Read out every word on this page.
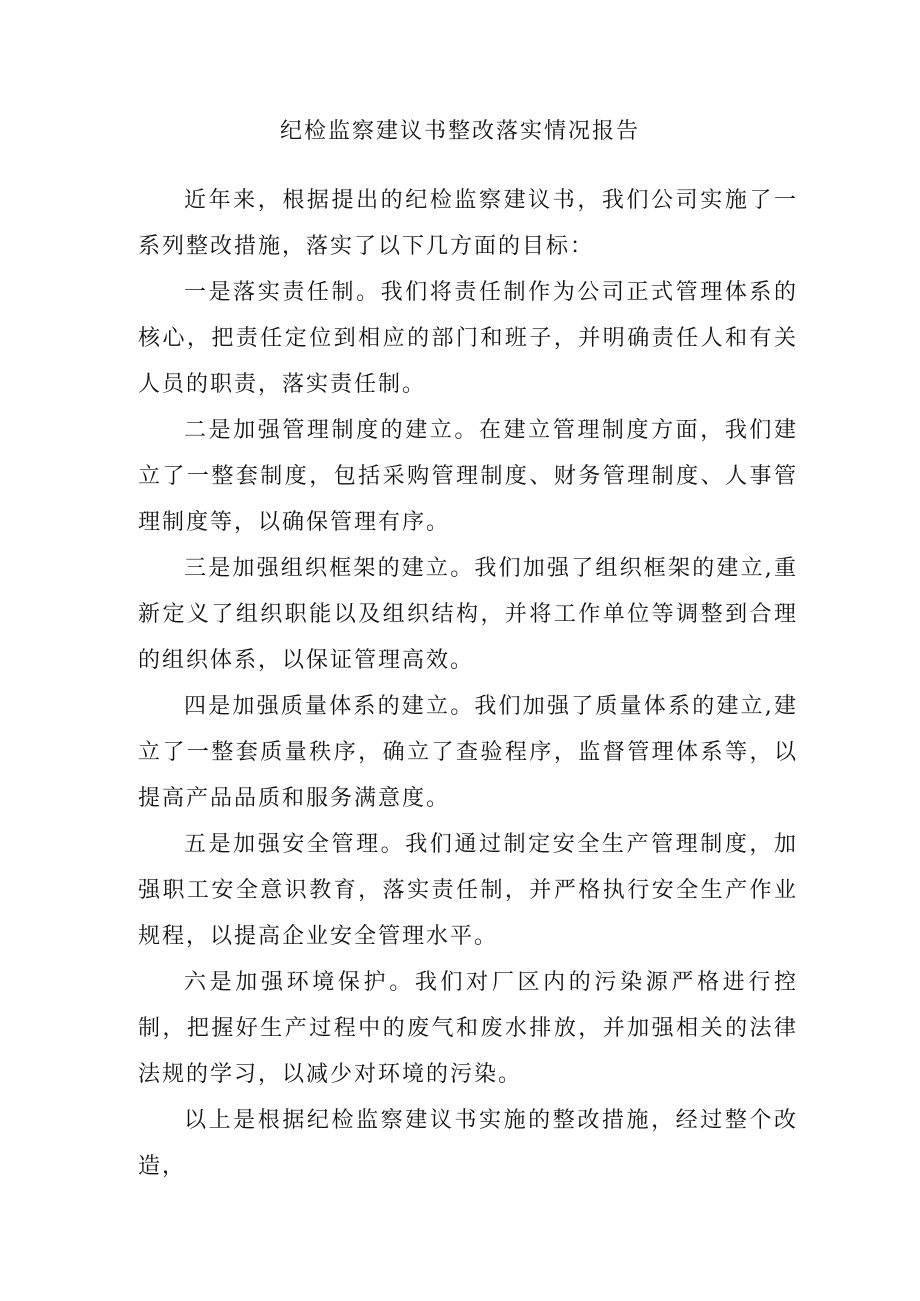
纪检监察建议书整改落实情况报告

近年来，根据提出的纪检监察建议书，我们公司实施了一系列整改措施，落实了以下几方面的目标：

一是落实责任制。我们将责任制作为公司正式管理体系的核心，把责任定位到相应的部门和班子，并明确责任人和有关人员的职责，落实责任制。

二是加强管理制度的建立。在建立管理制度方面，我们建立了一整套制度，包括采购管理制度、财务管理制度、人事管理制度等，以确保管理有序。

三是加强组织框架的建立。我们加强了组织框架的建立,重新定义了组织职能以及组织结构，并将工作单位等调整到合理的组织体系，以保证管理高效。

四是加强质量体系的建立。我们加强了质量体系的建立,建立了一整套质量秩序，确立了查验程序，监督管理体系等，以提高产品品质和服务满意度。

五是加强安全管理。我们通过制定安全生产管理制度，加强职工安全意识教育，落实责任制，并严格执行安全生产作业规程，以提高企业安全管理水平。

六是加强环境保护。我们对厂区内的污染源严格进行控制，把握好生产过程中的废气和废水排放，并加强相关的法律法规的学习，以减少对环境的污染。

以上是根据纪检监察建议书实施的整改措施，经过整个改造，
